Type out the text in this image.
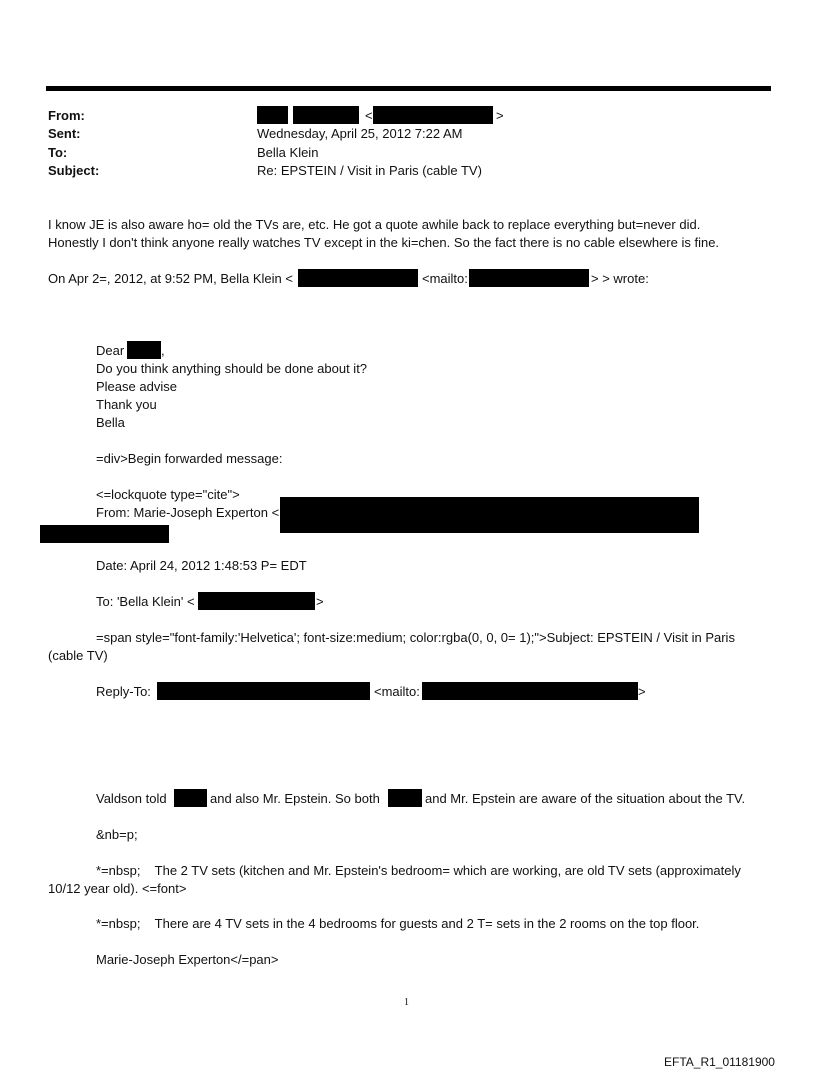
From:	<	>
Sent:	Wednesday, April 25, 2012 7:22 AM
To:	Bella Klein
Subject:	Re: EPSTEIN / Visit in Paris (cable TV)
I know JE is also aware ho= old the TVs are, etc. He got a quote awhile back to replace everything but=never did.
Honestly I don't think anyone really watches TV except in the ki=chen. So the fact there is no cable elsewhere is fine.
On Apr 2=, 2012, at 9:52 PM, Bella Klein <	<mailto:	> > wrote:
Dear	,
Do you think anything should be done about it?
Please advise
Thank you
Bella
=div>Begin forwarded message:
<=lockquote type="cite">
From: Marie-Joseph Experton <
Date: April 24, 2012 1:48:53 P= EDT
To: 'Bella Klein' <	>
=span style="font-family:'Helvetica'; font-size:medium; color:rgba(0, 0, 0= 1);">Subject: EPSTEIN / Visit in Paris
(cable TV)
Reply-To:	<mailto:	>
Valdson told	and also Mr. Epstein. So both	and Mr. Epstein are aware of the situation about the TV.
&nb=p;
*=nbsp;    The 2 TV sets (kitchen and Mr. Epstein's bedroom= which are working, are old TV sets (approximately
10/12 year old). <=font>
*=nbsp;    There are 4 TV sets in the 4 bedrooms for guests and 2 T= sets in the 2 rooms on the top floor.
Marie-Joseph Experton</=pan>
1
EFTA_R1_01181900
